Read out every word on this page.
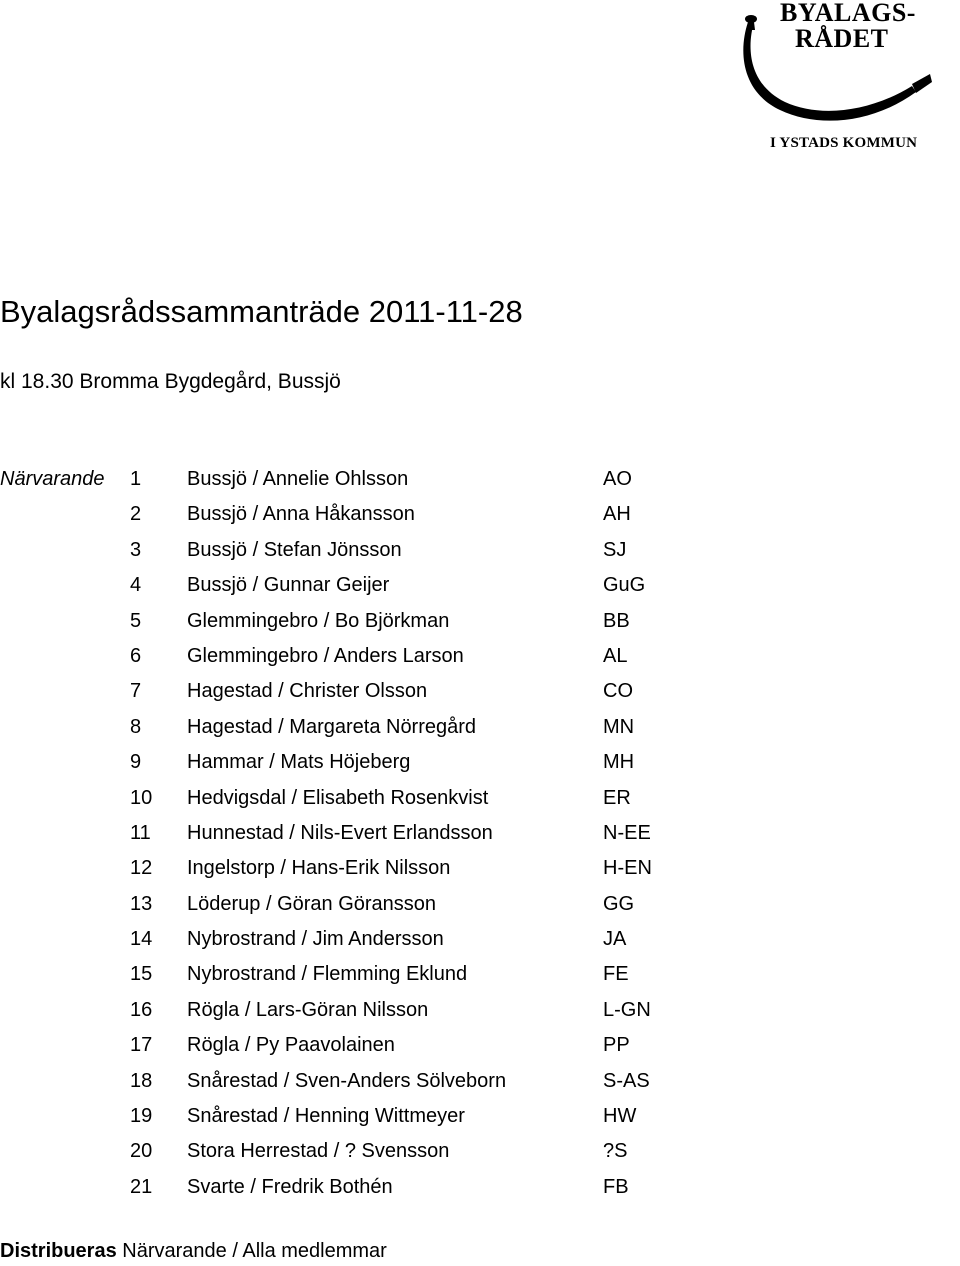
BYALAGS-
RÅDET
I YSTADS KOMMUN
Byalagsrådssammanträde 2011-11-28
kl 18.30 Bromma Bygdegård, Bussjö
Närvarande 1 Bussjö / Annelie Ohlsson	AO
2 Bussjö / Anna Håkansson	AH
3 Bussjö / Stefan Jönsson	SJ
4 Bussjö / Gunnar Geijer	GuG
5 Glemmingebro / Bo Björkman	BB
6 Glemmingebro / Anders Larson	AL
7 Hagestad / Christer Olsson	CO
8 Hagestad / Margareta Nörregård	MN
9 Hammar / Mats Höjeberg	MH
10 Hedvigsdal / Elisabeth Rosenkvist	ER
11 Hunnestad / Nils-Evert Erlandsson	N-EE
12 Ingelstorp / Hans-Erik Nilsson	H-EN
13 Löderup / Göran Göransson	GG
14 Nybrostrand / Jim Andersson	JA
15 Nybrostrand / Flemming Eklund	FE
16 Rögla / Lars-Göran Nilsson	L-GN
17 Rögla / Py Paavolainen	PP
18 Snårestad / Sven-Anders Sölveborn	S-AS
19 Snårestad / Henning Wittmeyer	HW
20 Stora Herrestad / ? Svensson	?S
21 Svarte / Fredrik Bothén	FB
Distribueras Närvarande / Alla medlemmar
